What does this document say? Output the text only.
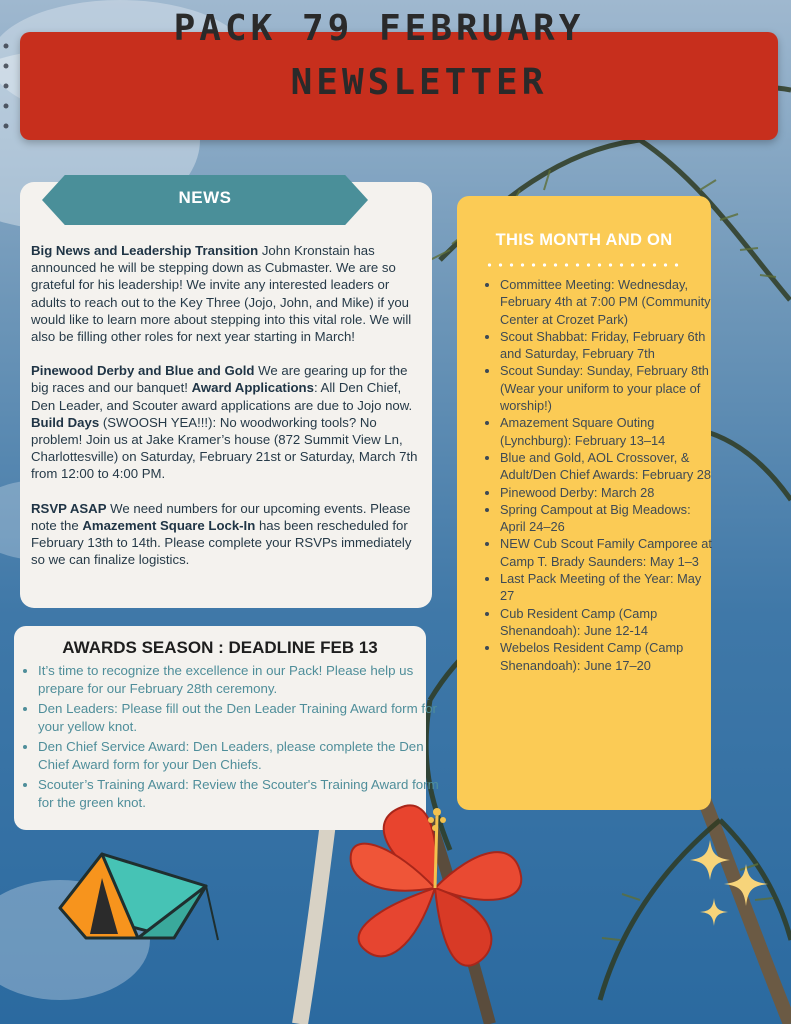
PACK 79 FEBRUARY
NEWSLETTER
NEWS

Big News and Leadership Transition John Kronstain has announced he will be stepping down as Cubmaster. We are so grateful for his leadership! We invite any interested leaders or adults to reach out to the Key Three (Jojo, John, and Mike) if you would like to learn more about stepping into this vital role. We will also be filling other roles for next year starting in March!

Pinewood Derby and Blue and Gold We are gearing up for the big races and our banquet! Award Applications: All Den Chief, Den Leader, and Scouter award applications are due to Jojo now. Build Days (SWOOSH YEA!!!): No woodworking tools? No problem! Join us at Jake Kramer’s house (872 Summit View Ln, Charlottesville) on Saturday, February 21st or Saturday, March 7th from 12:00 to 4:00 PM.

RSVP ASAP We need numbers for our upcoming events. Please note the Amazement Square Lock-In has been rescheduled for February 13th to 14th. Please complete your RSVPs immediately so we can finalize logistics.

AWARDS SEASON : DEADLINE FEB 13
• It’s time to recognize the excellence in our Pack! Please help us prepare for our February 28th ceremony.
• Den Leaders: Please fill out the Den Leader Training Award form for your yellow knot.
• Den Chief Service Award: Den Leaders, please complete the Den Chief Award form for your Den Chiefs.
• Scouter’s Training Award: Review the Scouter's Training Award form for the green knot.
THIS MONTH AND ON
• Committee Meeting: Wednesday, February 4th at 7:00 PM (Community Center at Crozet Park)
• Scout Shabbat: Friday, February 6th and Saturday, February 7th
• Scout Sunday: Sunday, February 8th (Wear your uniform to your place of worship!)
• Amazement Square Outing (Lynchburg): February 13–14
• Blue and Gold, AOL Crossover, & Adult/Den Chief Awards: February 28
• Pinewood Derby: March 28
• Spring Campout at Big Meadows: April 24–26
• NEW Cub Scout Family Camporee at Camp T. Brady Saunders: May 1–3
• Last Pack Meeting of the Year: May 27
• Cub Resident Camp (Camp Shenandoah): June 12-14
• Webelos Resident Camp (Camp Shenandoah): June 17–20
